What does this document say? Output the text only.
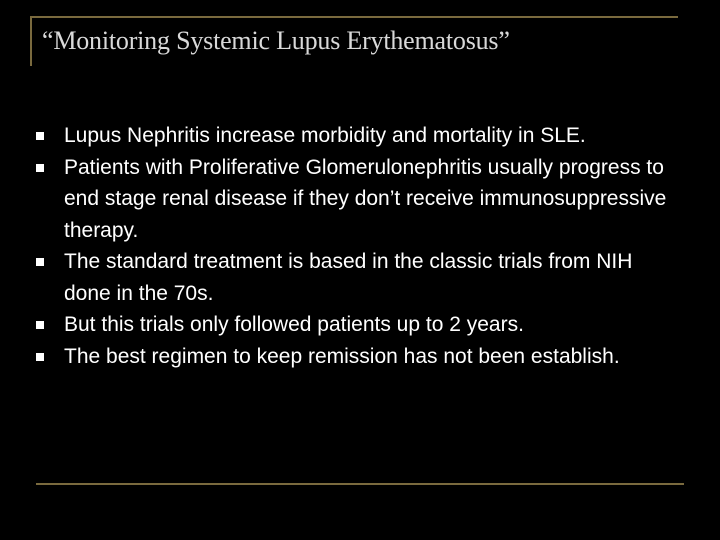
“Monitoring Systemic Lupus Erythematosus”
Lupus Nephritis increase morbidity and mortality in SLE.
Patients with Proliferative Glomerulonephritis usually progress to end stage renal disease if they don’t receive immunosuppressive therapy.
The standard treatment is based in the classic trials from NIH done in the 70s.
But this trials only followed patients up to 2 years.
The best regimen to keep remission has not been establish.
